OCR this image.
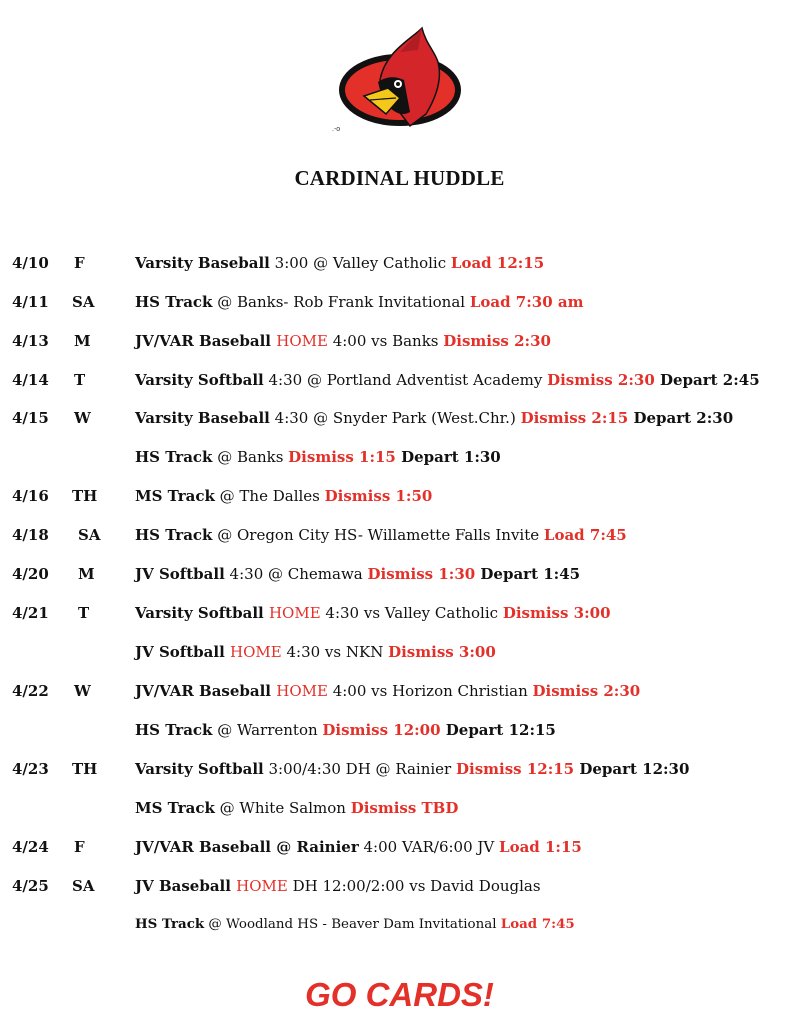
.-o
CARDINAL HUDDLE
4/10 F	Varsity Baseball 3:00 @ Valley Catholic Load 12:15
4/11 SA	HS Track @ Banks- Rob Frank Invitational Load 7:30 am
4/13 M	JV/VAR Baseball HOME 4:00 vs Banks Dismiss 2:30
4/14 T	Varsity Softball 4:30 @ Portland Adventist Academy Dismiss 2:30 Depart 2:45
4/15 W	Varsity Baseball 4:30 @ Snyder Park (West.Chr.) Dismiss 2:15 Depart 2:30
HS Track @ Banks Dismiss 1:15 Depart 1:30
4/16 TH	MS Track @ The Dalles Dismiss 1:50
4/18 SA HS Track @ Oregon City HS- Willamette Falls Invite Load 7:45
4/20 M	JV Softball 4:30 @ Chemawa Dismiss 1:30 Depart 1:45
4/21 T	Varsity Softball HOME 4:30 vs Valley Catholic Dismiss 3:00
JV Softball HOME 4:30 vs NKN Dismiss 3:00
4/22 W	JV/VAR Baseball HOME 4:00 vs Horizon Christian Dismiss 2:30
HS Track @ Warrenton Dismiss 12:00 Depart 12:15
4/23 TH	Varsity Softball 3:00/4:30 DH @ Rainier Dismiss 12:15 Depart 12:30
MS Track @ White Salmon Dismiss TBD
4/24 F	JV/VAR Baseball @ Rainier 4:00 VAR/6:00 JV Load 1:15
4/25 SA	JV Baseball HOME DH 12:00/2:00 vs David Douglas
HS Track @ Woodland HS - Beaver Dam Invitational Load 7:45
GO CARDS!
